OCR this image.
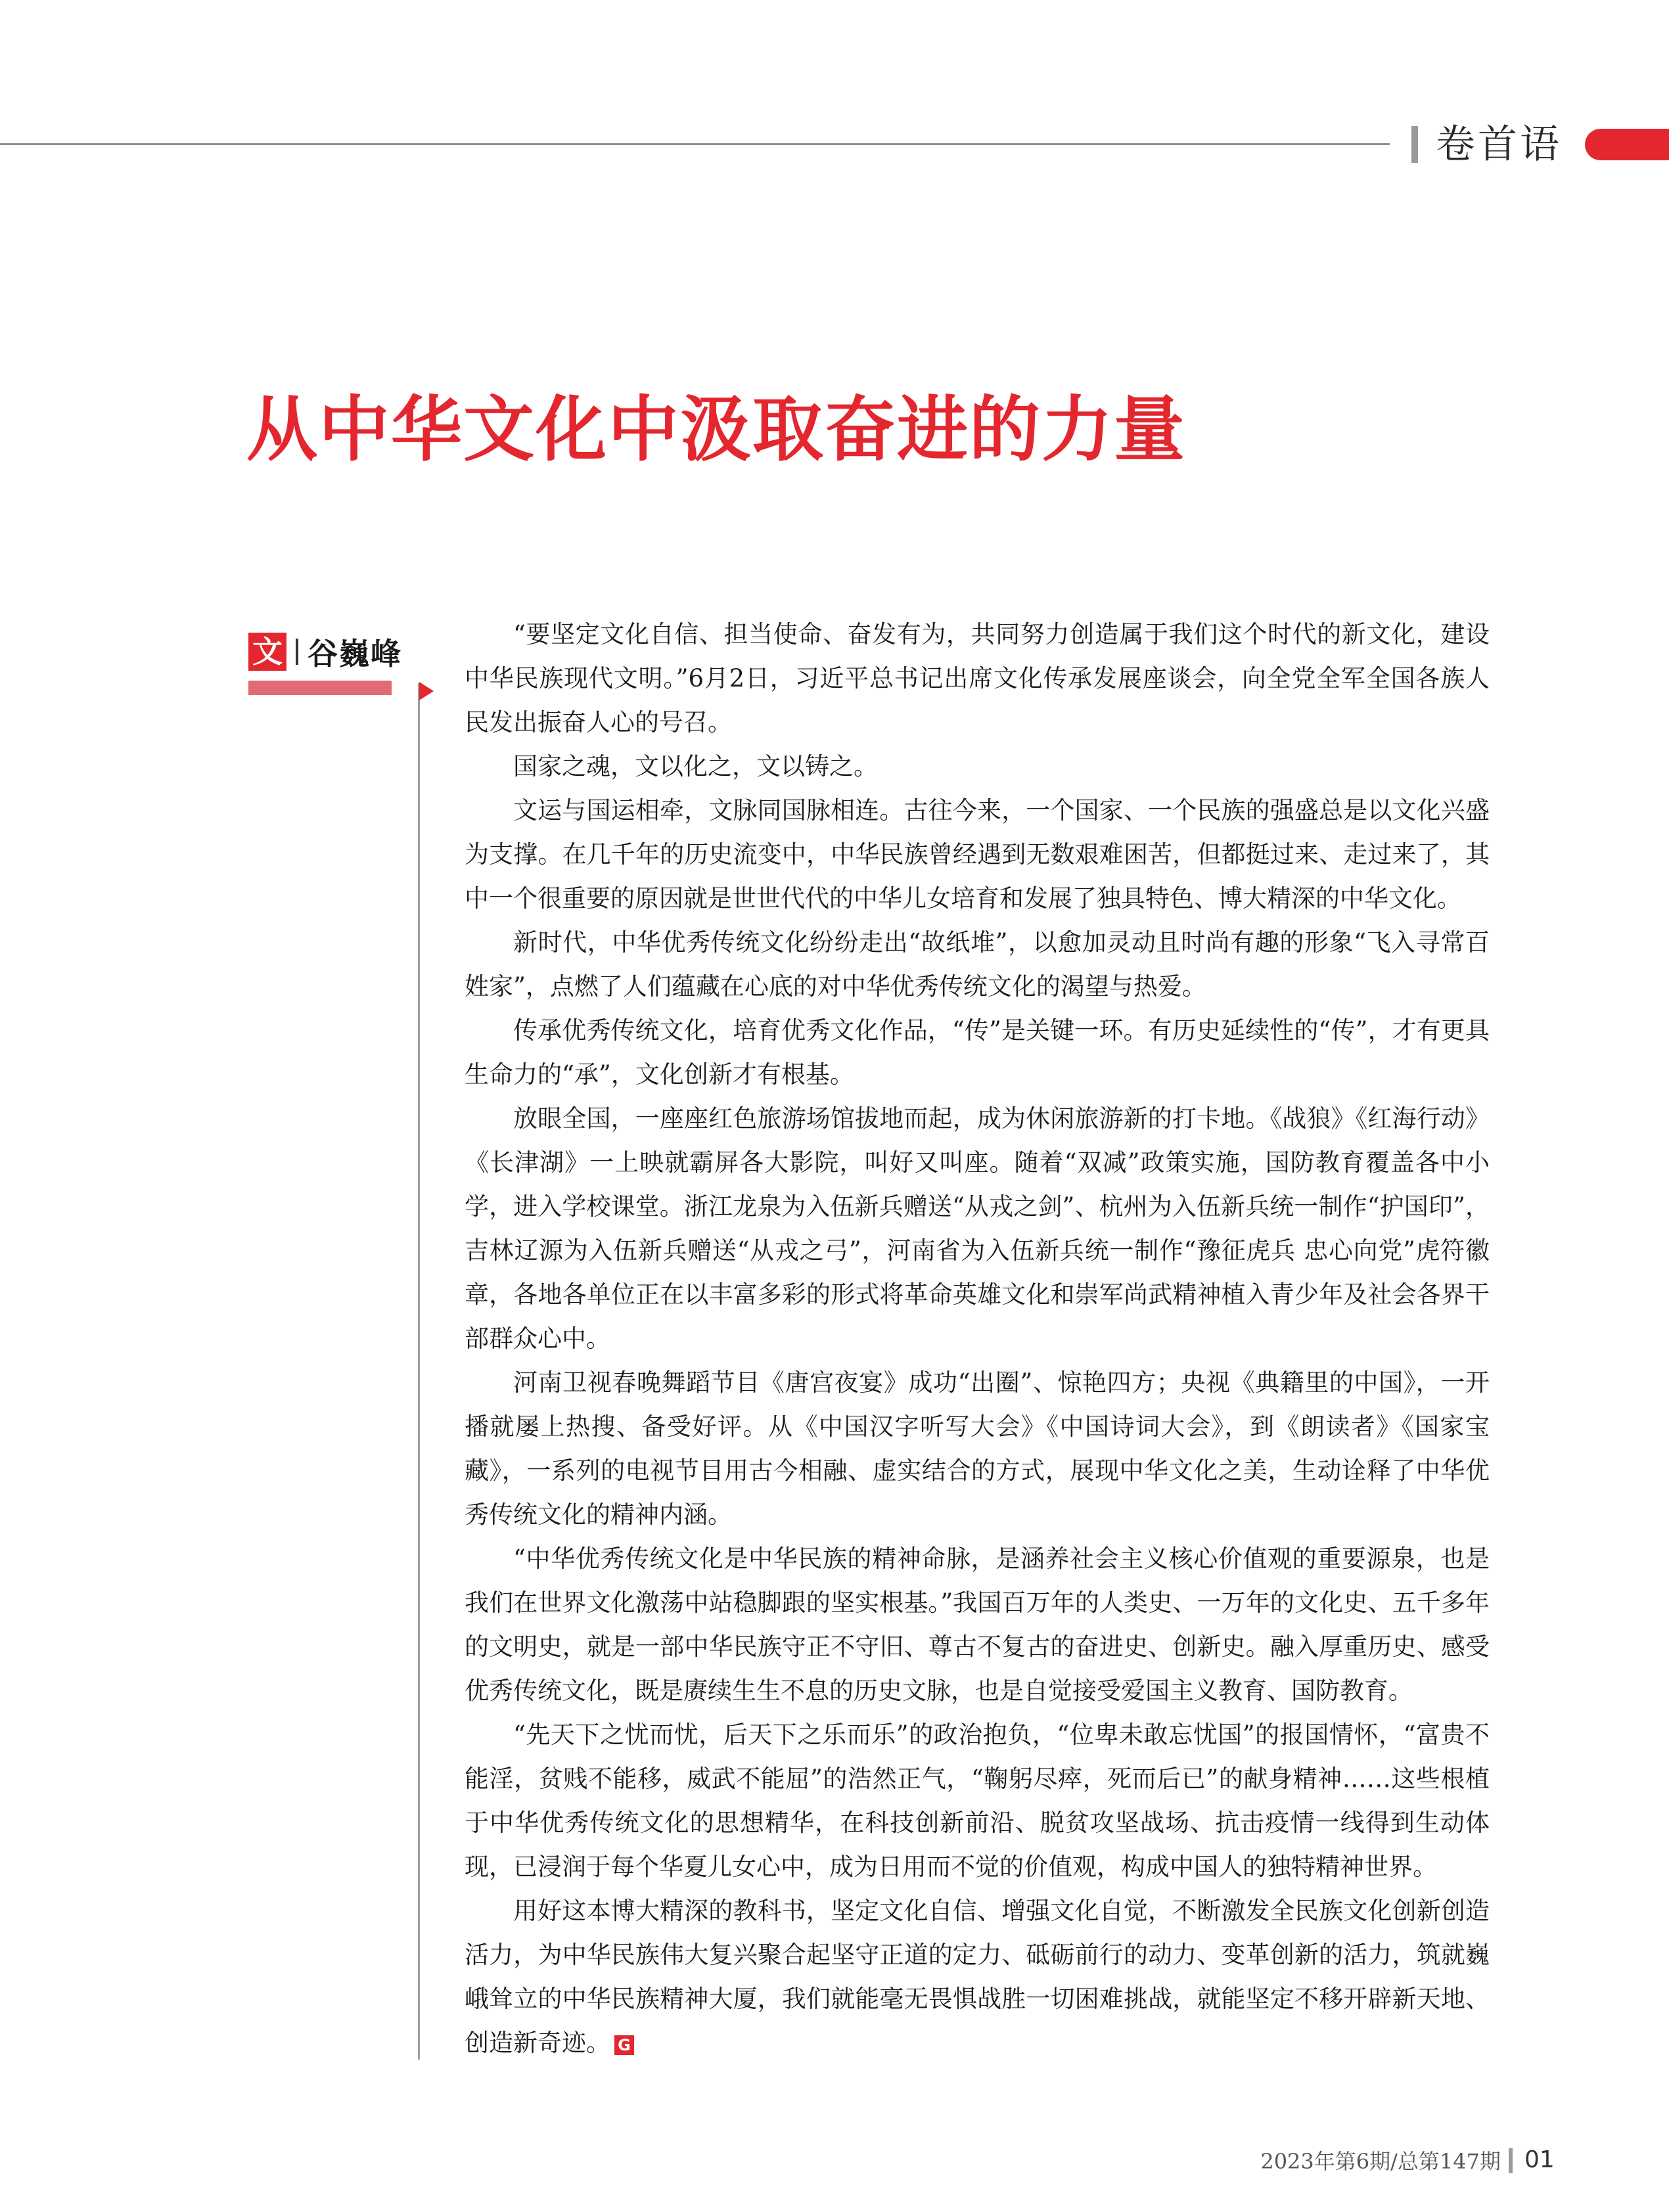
卷首语
从中华文化中汲取奋进的力量
文 谷巍峰

“要坚定文化自信、担当使命、奋发有为，共同努力创造属于我们这个时代的新文化，建设中华民族现代文明。”6月2日，习近平总书记出席文化传承发展座谈会，向全党全军全国各族人民发出振奋人心的号召。

国家之魂，文以化之，文以铸之。

文运与国运相牵，文脉同国脉相连。古往今来，一个国家、一个民族的强盛总是以文化兴盛为支撑。在几千年的历史流变中，中华民族曾经遇到无数艰难困苦，但都挺过来、走过来了，其中一个很重要的原因就是世世代代的中华儿女培育和发展了独具特色、博大精深的中华文化。

新时代，中华优秀传统文化纷纷走出“故纸堆”，以愈加灵动且时尚有趣的形象“飞入寻常百姓家”，点燃了人们蕴藏在心底的对中华优秀传统文化的渴望与热爱。

传承优秀传统文化，培育优秀文化作品，“传”是关键一环。有历史延续性的“传”，才有更具生命力的“承”，文化创新才有根基。

放眼全国，一座座红色旅游场馆拔地而起，成为休闲旅游新的打卡地。《战狼》《红海行动》《长津湖》一上映就霸屏各大影院，叫好又叫座。随着“双减”政策实施，国防教育覆盖各中小学，进入学校课堂。浙江龙泉为入伍新兵赠送“从戎之剑”、杭州为入伍新兵统一制作“护国印”，吉林辽源为入伍新兵赠送“从戎之弓”，河南省为入伍新兵统一制作“豫征虎兵 忠心向党”虎符徽章，各地各单位正在以丰富多彩的形式将革命英雄文化和崇军尚武精神植入青少年及社会各界干部群众心中。

河南卫视春晚舞蹈节目《唐宫夜宴》成功“出圈”、惊艳四方；央视《典籍里的中国》，一开播就屡上热搜、备受好评。从《中国汉字听写大会》《中国诗词大会》，到《朗读者》《国家宝藏》，一系列的电视节目用古今相融、虚实结合的方式，展现中华文化之美，生动诠释了中华优秀传统文化的精神内涵。

“中华优秀传统文化是中华民族的精神命脉，是涵养社会主义核心价值观的重要源泉，也是我们在世界文化激荡中站稳脚跟的坚实根基。”我国百万年的人类史、一万年的文化史、五千多年的文明史，就是一部中华民族守正不守旧、尊古不复古的奋进史、创新史。融入厚重历史、感受优秀传统文化，既是赓续生生不息的历史文脉，也是自觉接受爱国主义教育、国防教育。

“先天下之忧而忧，后天下之乐而乐”的政治抱负，“位卑未敢忘忧国”的报国情怀，“富贵不能淫，贫贱不能移，威武不能屈”的浩然正气，“鞠躬尽瘁，死而后已”的献身精神……这些根植于中华优秀传统文化的思想精华，在科技创新前沿、脱贫攻坚战场、抗击疫情一线得到生动体现，已浸润于每个华夏儿女心中，成为日用而不觉的价值观，构成中国人的独特精神世界。

用好这本博大精深的教科书，坚定文化自信、增强文化自觉，不断激发全民族文化创新创造活力，为中华民族伟大复兴聚合起坚守正道的定力、砥砺前行的动力、变革创新的活力，筑就巍峨耸立的中华民族精神大厦，我们就能毫无畏惧战胜一切困难挑战，就能坚定不移开辟新天地、创造新奇迹。 G

2023年第6期/总第147期 01
